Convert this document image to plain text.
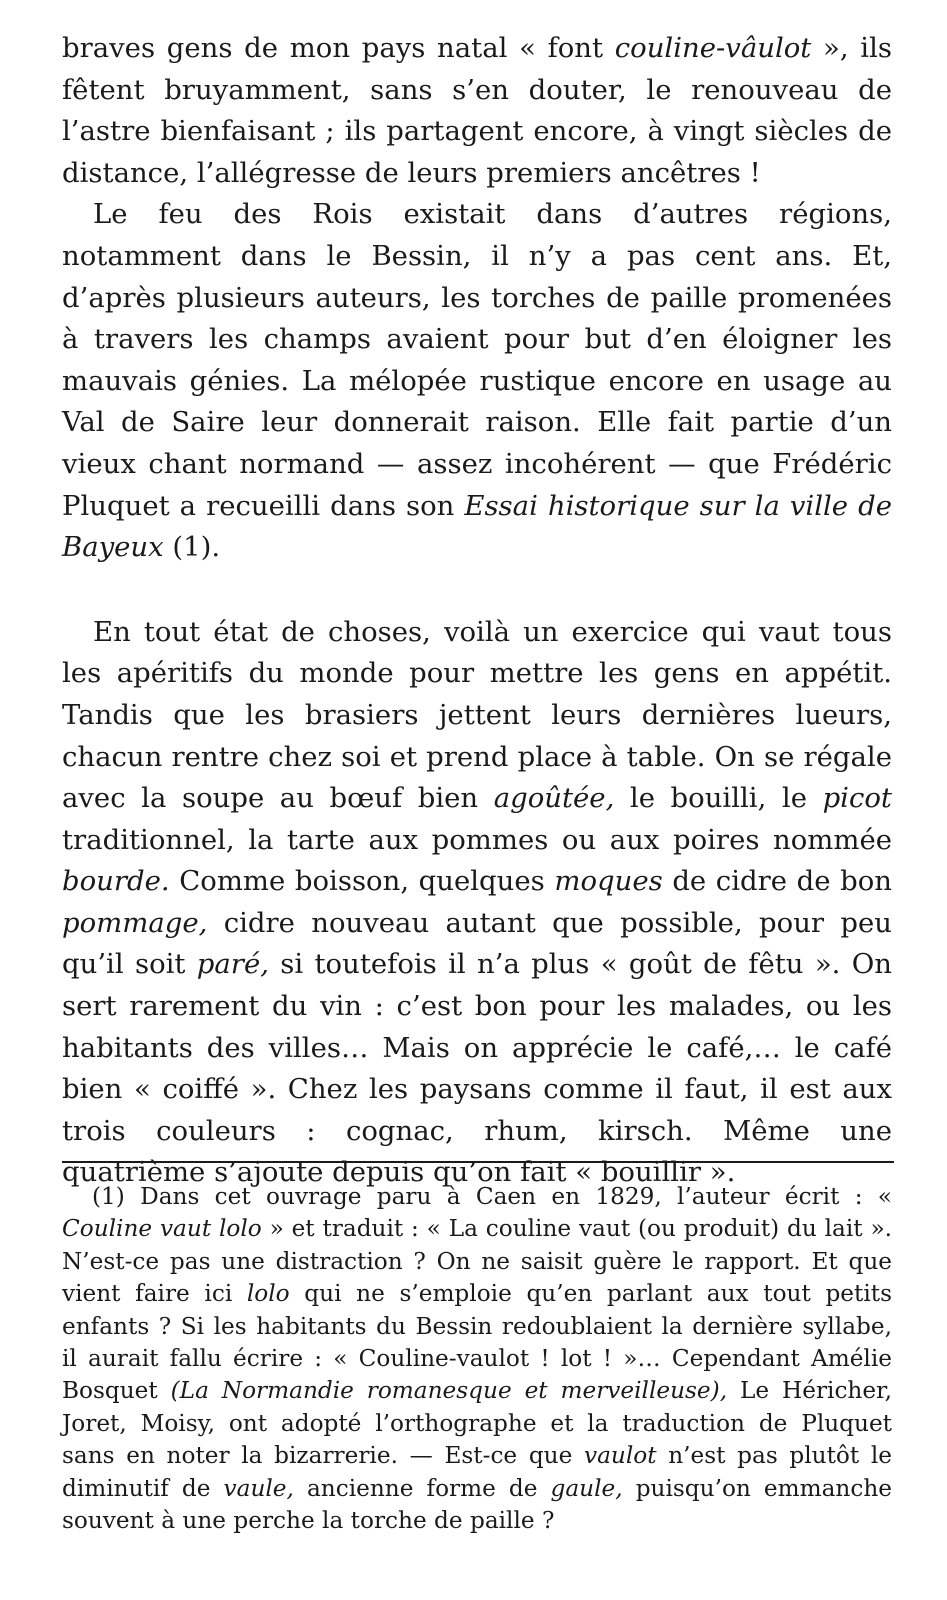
braves gens de mon pays natal « font couline-vâulot », ils fêtent bruyamment, sans s’en douter, le renouveau de l’astre bienfaisant ; ils partagent encore, à vingt siècles de distance, l’allégresse de leurs premiers ancêtres !

Le feu des Rois existait dans d’autres régions, notamment dans le Bessin, il n’y a pas cent ans. Et, d’après plusieurs auteurs, les torches de paille promenées à travers les champs avaient pour but d’en éloigner les mauvais génies. La mélopée rustique encore en usage au Val de Saire leur donnerait raison. Elle fait partie d’un vieux chant normand — assez incohérent — que Frédéric Pluquet a recueilli dans son Essai historique sur la ville de Bayeux (1).

En tout état de choses, voilà un exercice qui vaut tous les apéritifs du monde pour mettre les gens en appétit. Tandis que les brasiers jettent leurs dernières lueurs, chacun rentre chez soi et prend place à table. On se régale avec la soupe au bœuf bien agoûtée, le bouilli, le picot traditionnel, la tarte aux pommes ou aux poires nommée bourde. Comme boisson, quelques moques de cidre de bon pommage, cidre nouveau autant que possible, pour peu qu’il soit paré, si toutefois il n’a plus « goût de fêtu ». On sert rarement du vin : c’est bon pour les malades, ou les habitants des villes… Mais on apprécie le café,… le café bien « coiffé ». Chez les paysans comme il faut, il est aux trois couleurs : cognac, rhum, kirsch. Même une quatrième s’ajoute depuis qu’on fait « bouillir ».

(1) Dans cet ouvrage paru à Caen en 1829, l’auteur écrit : « Couline vaut lolo » et traduit : « La couline vaut (ou produit) du lait ». N’est-ce pas une distraction ? On ne saisit guère le rapport. Et que vient faire ici lolo qui ne s’emploie qu’en parlant aux tout petits enfants ? Si les habitants du Bessin redoublaient la dernière syllabe, il aurait fallu écrire : « Couline-vaulot ! lot ! »… Cependant Amélie Bosquet (La Normandie romanesque et merveilleuse), Le Héricher, Joret, Moisy, ont adopté l’orthographe et la traduction de Pluquet sans en noter la bizarrerie. — Est-ce que vaulot n’est pas plutôt le diminutif de vaule, ancienne forme de gaule, puisqu’on emmanche souvent à une perche la torche de paille ?
